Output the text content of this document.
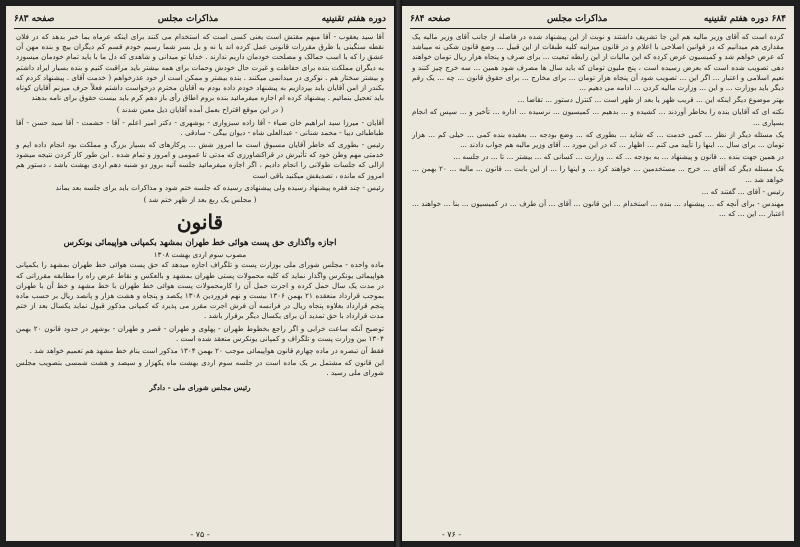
دوره هفتم تقنینیه
مذاکرات مجلس
صفحه ۶۸۳

آقا سید یعقوب - آقا مبهم مقتش است یعنی کسی است که استخدام می کنند برای اینکه عرماه بما خبر بدهد که در فلان نقطه سنگینی یا طرق مقررات قانونی عمل کرده اند یا نه و بل بسر شما رسیم خودم قسم کم دیگران بیچ و بنده مهن آن عشق را که با اسب حمالک و مصلحت خودمان داریم ندارند . خدایا تو میدانی و شاهدی که دل ما با باید تمام خودمان میسوزد به دیگران مملکت بنده برای حفاظت و غیرت حال خودش وحمات برای همه بیشتر باید مراقبت کنیم و بنده بسیار ایراد داشتم و بیشتر سختار هم . نوکری در میدانمی میکنند . بنده بیشتر و ممکن است از خود عذرخواهم ( خدمت آقای . پیشنهاد کردم که بکندر از امن آقایان باید بپردازیم به پیشنهاد خودم داده بودم به آقایان محترم درخواست داشتم فعلاً حرف میزنم آقایان کوتاه باید تعجیل بنمائیم . پیشنهاد کرده ام اجازه میفرمائید بنده بروم اطاق رأی باز دهم کرم باید بیست حقوق برای نامه بدهند

( در این موقع اقتراح بعمل آمده آقایان ذیل معین شدند )

آقایان - میرزا سید ابراهیم خان ضیاء - آقا زاده سبزواری - بوشهری - دکتر امیر اعلم - آقا - حشمت - آقا سید حسن - آقا طباطبائی دیبا - محمد شنانی - عبدالعلی شاه - دیوان بیگی - سادقی .

رئیس - بطوری که خاطر آقایان مسبوق است ما امروز شش ... پرکارهای که بسیار بزرگ و مملکت بود انجام داده ایم و خدمتی مهم وطن خود که تأثیرش در قراکشاورزی که مدتی تا عمومی و امروز و تمام شده . این طور کار کردن نتیجه میشود ازالی که جلسات طولانی را انجام دادیم ، اگر اجازه میفرمائید جلسه آتیه بروز دو شنبه دهم اردی بهشت باشد ، دستور هم امروز که مانده ، تصدیقش میکنید باقی است

رئیس - چند فقره پیشنهاد رسیده ولی پیشنهادی رسیده که جلسه ختم شود و مذاکرات باید برای جلسه بعد بماند

( مجلس یک ربع بعد از ظهر ختم شد )

قانون
اجازه واگذاری حق پست هوائی خط طهران بمشهد بکمپانی هواپیمائی یونکرس
مصوب سوم اردی بهشت ۱۳۰۸

ماده واحده - مجلس شورای ملی بوزارت پست و تلگراف اجازه میدهد که حق پست هوائی خط طهران بمشهد را بکمپانی هواپیمائی یونکرس واگذار نماید که کلیه محمولات پستی طهران بمشهد و بالعکس و نقاط عرض راه را مطابقه مقرراتی که در مدت یک سال حمل کرده و اجرت حمل آن را کارمحمولات پست هوائی خط طهران با خط مشهد و خط آن با طهران بموجب قرارداد منعقده ۲۱ بهمن ۱۳۰۶ بیست و نهم فروردین ۱۳۰۸ یکصد و پنجاه و هشت هزار و پانصد ریال بر حسب ماده پنجم قرارداد بعلاوه پنجاه ریال در فرانسه آن فرش اجرت مقرر می پذیرد که کمپانی مذکور قبول نماید یکسال بعد از ختم مدت قرارداد با حق تمدید آن برای یکسال دیگر برقرار باشد .

توضیح آنکه ساعت خرابی و اگر راجع بخطوط طهران - پهلوی و طهران - قصر و طهران - بوشهر در حدود قانون ۲۰ بهمن ۱۳۰۴ بین وزارت پست و تلگراف و کمپانی یونکرس منعقد شده است .

فقط آن تبصره در ماده چهارم قانون هواپیمائی موجب ۲۰ بهمن ۱۳۰۴ مذکور است بنام خط مشهد هم تعمیم خواهد شد .

این قانون که مشتمل بر یک ماده است در جلسه سوم اردی بهشت ماه یکهزار و سیصد و هشت شمسی بتصویب مجلس شورای ملی رسید .

رئیس مجلس شورای ملی - دادگر
- ۷۵ -
۶۸۴ دوره هفتم تقنینیه
مذاکرات مجلس
صفحه ۶۸۴

کرده است که آقای وزیر مالیه هم این جا تشریف داشتند و نوبت از این پیشنهاد شده در فاصله از جانب آقای وزیر مالیه یک مقداری هم میدانیم که در قوانین اصلاحی با اعلام و در قانون میزانیه کلیه طبقات از این قبیل ... وضع قانون شکی نه میباشد که عرض خواهم شد و کمیسیون عرض کرده که این مالیات از این رابطه تبعیت ... برای صرف و پنجاه هزار ریال تومان خواهند دهی تصویب شده است که بعرض رسیده است ، پنج ملیون تومان که باید سال ها مصرف شود همین ... سه خرج چیز کنند و نعیم اسلامی و اعتبار ... اگر این ... تصویب شود آن پنجاه هزار تومان ... برای مخارج ... برای حقوق قانون ... چه ... یک رقم دیگر باید بوزارت ... و این ... وزارت مالیه کردن ... ادامه می دهیم ...

بهتر موضوع دیگر اینکه این ... قریب ظهر یا بعد از ظهر است ... کنترل دستور ... تقاضا ...

نکته ای که آقایان بنده را بخاطر آوردند ... کشیده و ... بدهیم ... کمیسیون ... نرسیده ... اداره ... تأخیر و ... سپس که انجام بسپاری ...

یک مسئله دیگر از نظر ... کمی خدمت ... که شاید ... بطوری که ... وضع بودجه ... بعقیده بنده کمی ... خیلی کم ... هزار تومان ... برای سال ... اینها را تأیید می کنم ... اظهار ... که در این مورد ... آقای وزیر مالیه هم جواب دادند ...

در همین جهت بنده ... قانون و پیشنهاد ... به بودجه ... که ... وزارت ... کسانی که ... بیشتر ... تا ... در جلسه ...

یک مسئله دیگر که آقای ... خرج ... مستخدمین ... خواهند کرد ... و اینها را ... از این بابت ... قانون ... مالیه ... ۲۰ بهمن ... خواهد شد ...

رئیس - آقای ... گفتند که ...

مهندس - برای آنچه که ... پیشنهاد ... بنده ... استخدام ... این قانون ... آقای ... آن طرف ... در کمیسیون ... بنا ... خواهند ... اعتبار ... این ... که ...

- ۷۶ -
